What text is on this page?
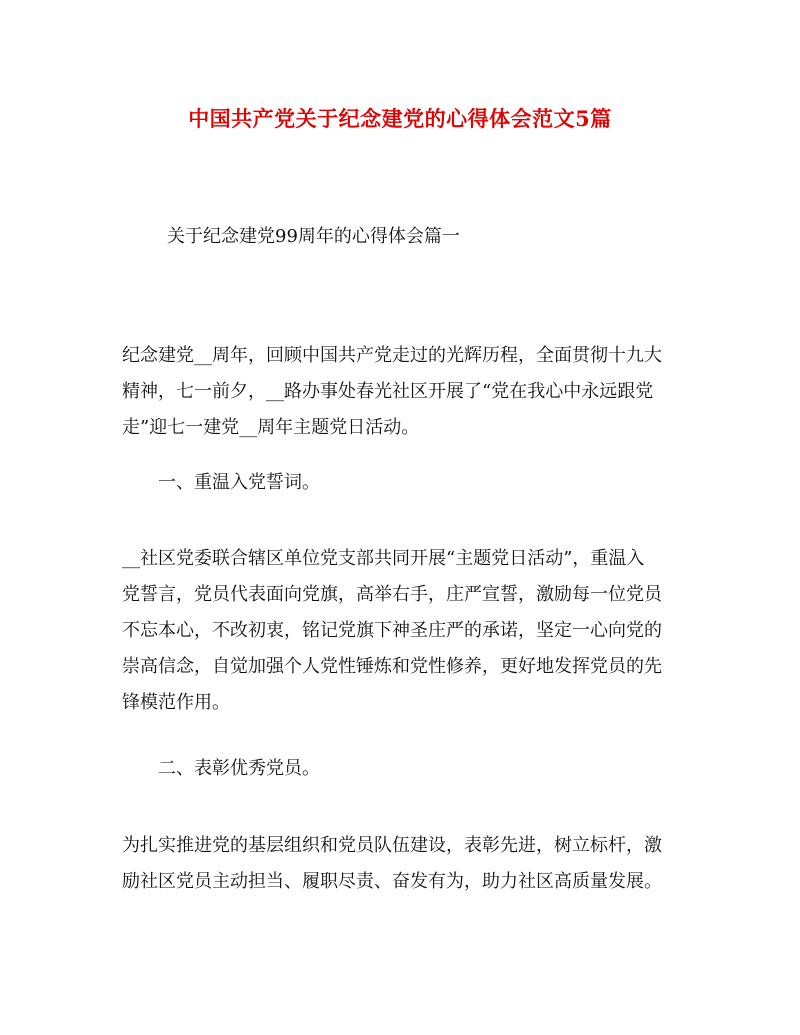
中国共产党关于纪念建党的心得体会范文5篇
关于纪念建党99周年的心得体会篇一
纪念建党__周年，回顾中国共产党走过的光辉历程，全面贯彻十九大
精神，七一前夕，__路办事处春光社区开展了“党在我心中永远跟党
走”迎七一建党__周年主题党日活动。
一、重温入党誓词。
__社区党委联合辖区单位党支部共同开展“主题党日活动”，重温入
党誓言，党员代表面向党旗，高举右手，庄严宣誓，激励每一位党员
不忘本心，不改初衷，铭记党旗下神圣庄严的承诺，坚定一心向党的
崇高信念，自觉加强个人党性锤炼和党性修养，更好地发挥党员的先
锋模范作用。
二、表彰优秀党员。
为扎实推进党的基层组织和党员队伍建设，表彰先进，树立标杆，激
励社区党员主动担当、履职尽责、奋发有为，助力社区高质量发展。
